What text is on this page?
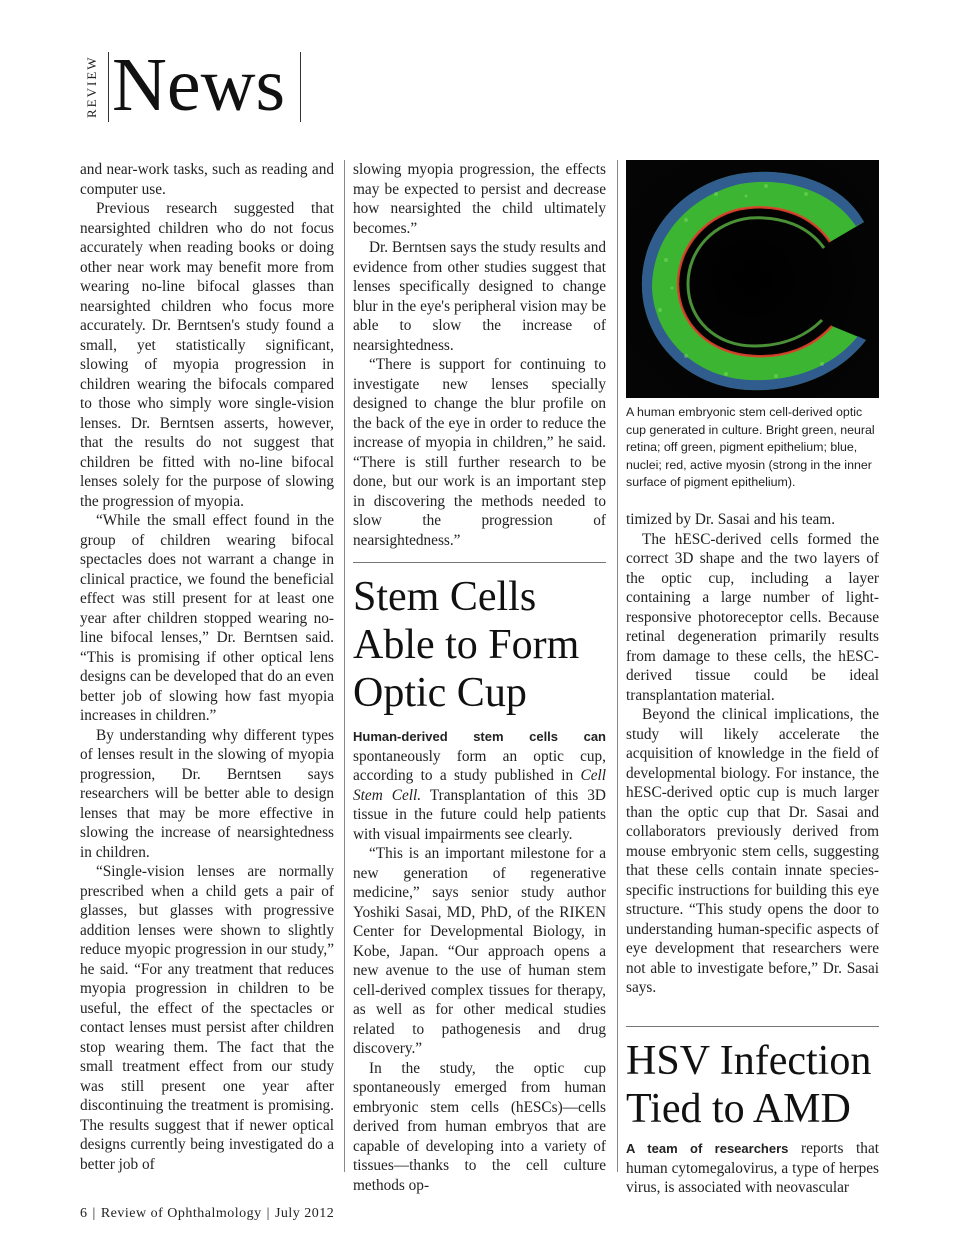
REVIEW News

and near-work tasks, such as reading and computer use.

Previous research suggested that nearsighted children who do not focus accurately when reading books or doing other near work may benefit more from wearing no-line bifocal glasses than nearsighted children who focus more accurately. Dr. Berntsen's study found a small, yet statistically significant, slowing of myopia progression in children wearing the bifocals compared to those who simply wore single-vision lenses. Dr. Berntsen asserts, however, that the results do not suggest that children be fitted with no-line bifocal lenses solely for the purpose of slowing the progression of myopia.

“While the small effect found in the group of children wearing bifocal spectacles does not warrant a change in clinical practice, we found the beneficial effect was still present for at least one year after children stopped wearing no-line bifocal lenses,” Dr. Berntsen said. “This is promising if other optical lens designs can be developed that do an even better job of slowing how fast myopia increases in children.”

By understanding why different types of lenses result in the slowing of myopia progression, Dr. Berntsen says researchers will be better able to design lenses that may be more effective in slowing the increase of nearsightedness in children.

“Single-vision lenses are normally prescribed when a child gets a pair of glasses, but glasses with progressive addition lenses were shown to slightly reduce myopic progression in our study,” he said. “For any treatment that reduces myopia progression in children to be useful, the effect of the spectacles or contact lenses must persist after children stop wearing them. The fact that the small treatment effect from our study was still present one year after discontinuing the treatment is promising. The results suggest that if newer optical designs currently being investigated do a better job of

slowing myopia progression, the effects may be expected to persist and decrease how nearsighted the child ultimately becomes.”

Dr. Berntsen says the study results and evidence from other studies suggest that lenses specifically designed to change blur in the eye's peripheral vision may be able to slow the increase of nearsightedness.

“There is support for continuing to investigate new lenses specially designed to change the blur profile on the back of the eye in order to reduce the increase of myopia in children,” he said. “There is still further research to be done, but our work is an important step in discovering the methods needed to slow the progression of nearsightedness.”

Stem Cells Able to Form Optic Cup

Human-derived stem cells can spontaneously form an optic cup, according to a study published in Cell Stem Cell. Transplantation of this 3D tissue in the future could help patients with visual impairments see clearly.

“This is an important milestone for a new generation of regenerative medicine,” says senior study author Yoshiki Sasai, MD, PhD, of the RIKEN Center for Developmental Biology, in Kobe, Japan. “Our approach opens a new avenue to the use of human stem cell-derived complex tissues for therapy, as well as for other medical studies related to pathogenesis and drug discovery.”

In the study, the optic cup spontaneously emerged from human embryonic stem cells (hESCs)—cells derived from human embryos that are capable of developing into a variety of tissues—thanks to the cell culture methods op-

A human embryonic stem cell-derived optic cup generated in culture. Bright green, neural retina; off green, pigment epithelium; blue, nuclei; red, active myosin (strong in the inner surface of pigment epithelium).

timized by Dr. Sasai and his team.

The hESC-derived cells formed the correct 3D shape and the two layers of the optic cup, including a layer containing a large number of light-responsive photoreceptor cells. Because retinal degeneration primarily results from damage to these cells, the hESC-derived tissue could be ideal transplantation material.

Beyond the clinical implications, the study will likely accelerate the acquisition of knowledge in the field of developmental biology. For instance, the hESC-derived optic cup is much larger than the optic cup that Dr. Sasai and collaborators previously derived from mouse embryonic stem cells, suggesting that these cells contain innate species-specific instructions for building this eye structure. “This study opens the door to understanding human-specific aspects of eye development that researchers were not able to investigate before,” Dr. Sasai says.

HSV Infection Tied to AMD

A team of researchers reports that human cytomegalovirus, a type of herpes virus, is associated with neovascular

6 | Review of Ophthalmology | July 2012
